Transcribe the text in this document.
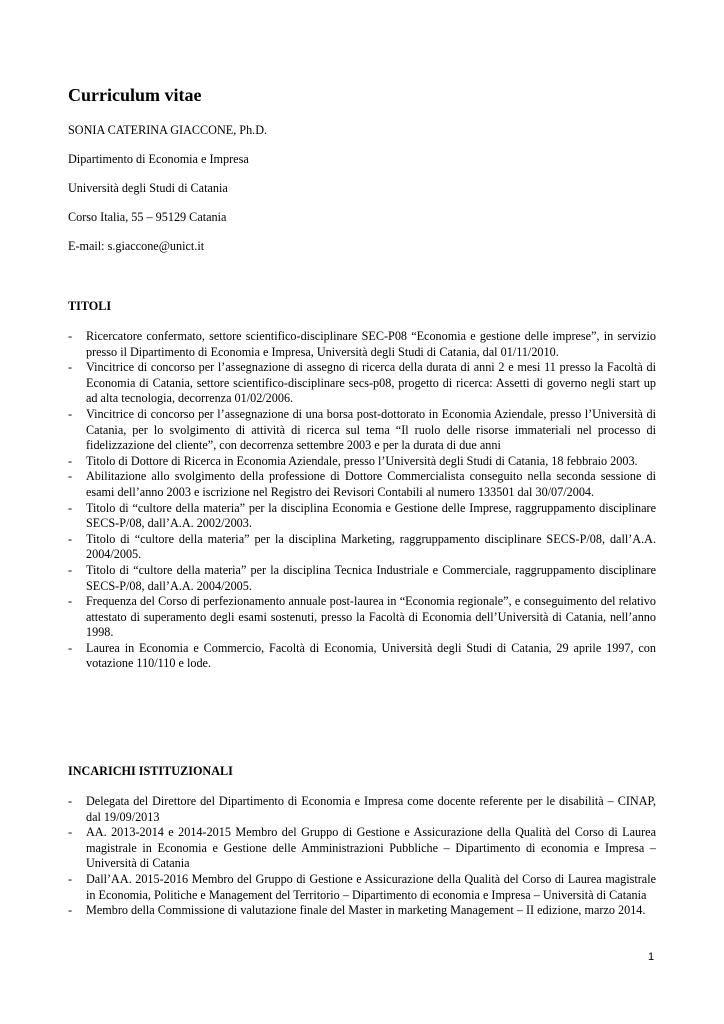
Curriculum vitae

SONIA CATERINA GIACCONE, Ph.D.

Dipartimento di Economia e Impresa

Università degli Studi di Catania

Corso Italia, 55 – 95129 Catania

E-mail: s.giaccone@unict.it

TITOLI
- Ricercatore confermato, settore scientifico-disciplinare SEC-P08 “Economia e gestione delle imprese”, in servizio presso il Dipartimento di Economia e Impresa, Università degli Studi di Catania, dal 01/11/2010.
- Vincitrice di concorso per l’assegnazione di assegno di ricerca della durata di anni 2 e mesi 11 presso la Facoltà di Economia di Catania, settore scientifico-disciplinare secs-p08, progetto di ricerca: Assetti di governo negli start up ad alta tecnologia, decorrenza 01/02/2006.
- Vincitrice di concorso per l’assegnazione di una borsa post-dottorato in Economia Aziendale, presso l’Università di Catania, per lo svolgimento di attività di ricerca sul tema “Il ruolo delle risorse immateriali nel processo di fidelizzazione del cliente”, con decorrenza settembre 2003 e per la durata di due anni
- Titolo di Dottore di Ricerca in Economia Aziendale, presso l’Università degli Studi di Catania, 18 febbraio 2003.
- Abilitazione allo svolgimento della professione di Dottore Commercialista conseguito nella seconda sessione di esami dell’anno 2003 e iscrizione nel Registro dei Revisori Contabili al numero 133501 dal 30/07/2004.
- Titolo di “cultore della materia” per la disciplina Economia e Gestione delle Imprese, raggruppamento disciplinare SECS-P/08, dall’A.A. 2002/2003.
- Titolo di “cultore della materia” per la disciplina Marketing, raggruppamento disciplinare SECS-P/08, dall’A.A. 2004/2005.
- Titolo di “cultore della materia” per la disciplina Tecnica Industriale e Commerciale, raggruppamento disciplinare SECS-P/08, dall’A.A. 2004/2005.
- Frequenza del Corso di perfezionamento annuale post-laurea in “Economia regionale”, e conseguimento del relativo attestato di superamento degli esami sostenuti, presso la Facoltà di Economia dell’Università di Catania, nell’anno 1998.
- Laurea in Economia e Commercio, Facoltà di Economia, Università degli Studi di Catania, 29 aprile 1997, con votazione 110/110 e lode.
INCARICHI ISTITUZIONALI
- Delegata del Direttore del Dipartimento di Economia e Impresa come docente referente per le disabilità – CINAP, dal 19/09/2013
- AA. 2013-2014 e 2014-2015 Membro del Gruppo di Gestione e Assicurazione della Qualità del Corso di Laurea magistrale in Economia e Gestione delle Amministrazioni Pubbliche – Dipartimento di economia e Impresa – Università di Catania
- Dall’AA. 2015-2016 Membro del Gruppo di Gestione e Assicurazione della Qualità del Corso di Laurea magistrale in Economia, Politiche e Management del Territorio – Dipartimento di economia e Impresa – Università di Catania
- Membro della Commissione di valutazione finale del Master in marketing Management – II edizione, marzo 2014.

1
